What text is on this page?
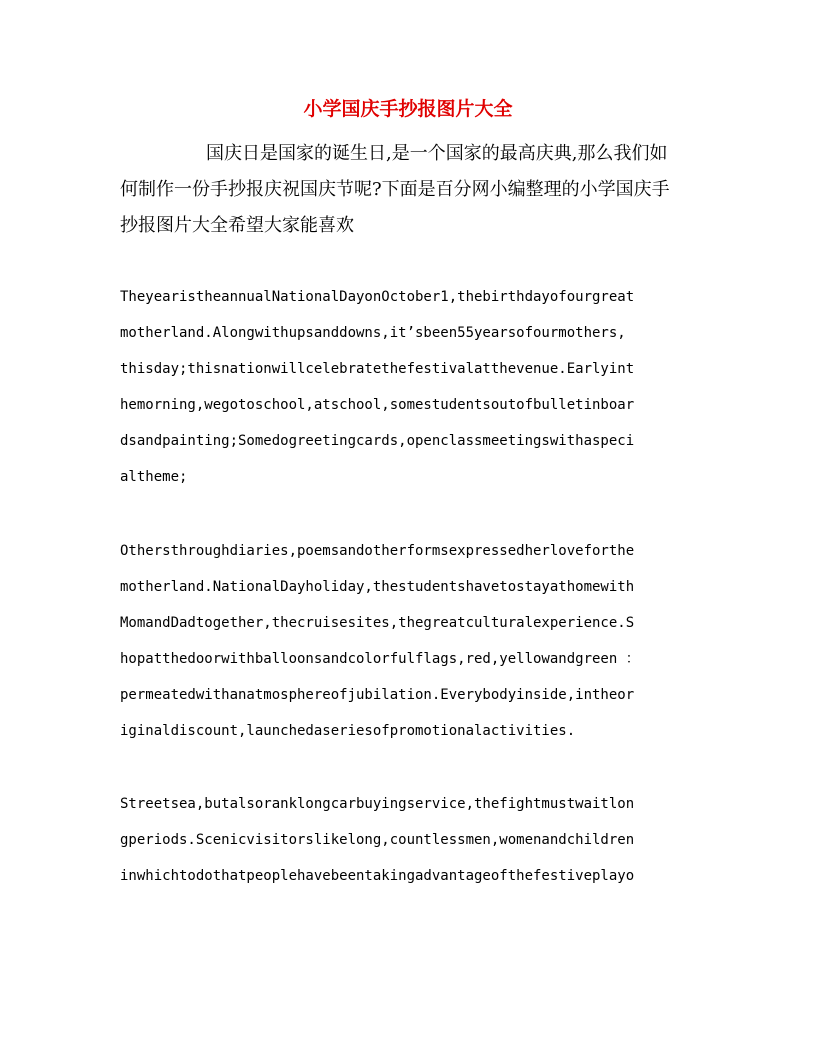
小学国庆手抄报图片大全

国庆日是国家的诞生日,是一个国家的最高庆典,那么我们如
何制作一份手抄报庆祝国庆节呢?下面是百分网小编整理的小学国庆手
抄报图片大全希望大家能喜欢

TheyearistheannualNationalDayonOctober1,thebirthdayofourgreat
motherland.Alongwithupsanddowns,it’sbeen55yearsofourmothers,
thisday;thisnationwillcelebratethefestivalatthevenue.Earlyint
hemorning,wegotoschool,atschool,somestudentsoutofbulletinboar
dsandpainting;Somedogreetingcards,openclassmeetingswithaspeci
altheme;

Othersthroughdiaries,poemsandotherformsexpressedherloveforthe
motherland.NationalDayholiday,thestudentshavetostayathomewith
MomandDadtogether,thecruisesites,thegreatculturalexperience.S
hopatthedoorwithballoonsandcolorfulflags,red,yellowandgreen ：
permeatedwithanatmosphereofjubilation.Everybodyinside,intheor
iginaldiscount,launchedaseriesofpromotionalactivities.

Streetsea,butalsoranklongcarbuyingservice,thefightmustwaitlon
gperiods.Scenicvisitorslikelong,countlessmen,womenandchildren
inwhichtodothatpeoplehavebeentakingadvantageofthefestiveplayo
